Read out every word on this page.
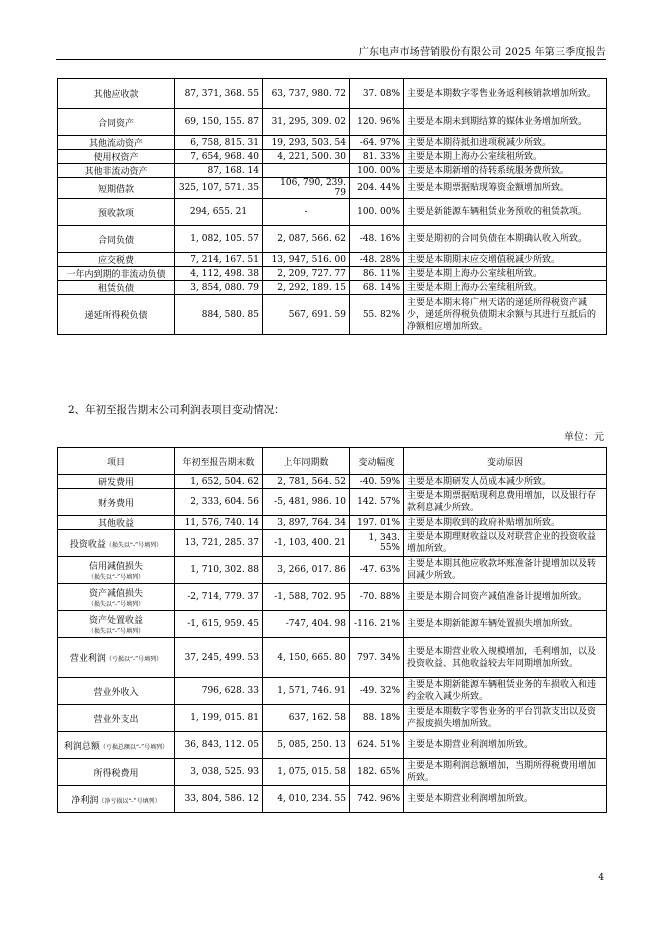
广东电声市场营销股份有限公司 2025 年第三季度报告
其他应收款	87, 371, 368. 55	63, 737, 980. 72	37. 08%	主要是本期数字零售业务返利核销款增加所致。
合同资产	69, 150, 155. 87	31, 295, 309. 02	120. 96%	主要是本期未到期结算的媒体业务增加所致。
其他流动资产	6, 758, 815. 31	19, 293, 503. 54	-64. 97%	主要是本期待抵扣进项税减少所致。
使用权资产	7, 654, 968. 40	4, 221, 500. 30	81. 33%	主要是本期上海办公室续租所致。
其他非流动资产	87, 168. 14		100. 00%	主要是本期新增的待转系统服务费所致。
短期借款	325, 107, 571. 35	106, 790, 239. 79	204. 44%	主要是本期票据贴现筹资金额增加所致。
预收款项	294, 655. 21	-	100. 00%	主要是新能源车辆租赁业务预收的租赁款项。
合同负债	1, 082, 105. 57	2, 087, 566. 62	-48. 16%	主要是期初的合同负债在本期确认收入所致。
应交税费	7, 214, 167. 51	13, 947, 516. 00	-48. 28%	主要是本期期末应交增值税减少所致。
一年内到期的非流动负债	4, 112, 498. 38	2, 209, 727. 77	86. 11%	主要是本期上海办公室续租所致。
租赁负债	3, 854, 080. 79	2, 292, 189. 15	68. 14%	主要是本期上海办公室续租所致。
递延所得税负债	884, 580. 85	567, 691. 59	55. 82%	主要是本期末将广州天诺的递延所得税资产减少，递延所得税负债期末余额与其进行互抵后的净额相应增加所致。
2、年初至报告期末公司利润表项目变动情况：
单位：元
项目	年初至报告期末数	上年同期数	变动幅度	变动原因
研发费用	1, 652, 504. 62	2, 781, 564. 52	-40. 59%	主要是本期研发人员成本减少所致。
财务费用	2, 333, 604. 56	-5, 481, 986. 10	142. 57%	主要是本期票据贴现利息费用增加，以及银行存款利息减少所致。
其他收益	11, 576, 740. 14	3, 897, 764. 34	197. 01%	主要是本期收到的政府补贴增加所致。
投资收益（损失以“-”号填列）	13, 721, 285. 37	-1, 103, 400. 21	1, 343. 55%	主要是本期理财收益以及对联营企业的投资收益增加所致。
信用减值损失（损失以“-”号填列）	1, 710, 302. 88	3, 266, 017. 86	-47. 63%	主要是本期其他应收款坏账准备计提增加以及转回减少所致。
资产减值损失（损失以“-”号填列）	-2, 714, 779. 37	-1, 588, 702. 95	-70. 88%	主要是本期合同资产减值准备计提增加所致。
资产处置收益（损失以“-”号填列）	-1, 615, 959. 45	-747, 404. 98	-116. 21%	主要是本期新能源车辆处置损失增加所致。
营业利润（亏损以“-”号填列）	37, 245, 499. 53	4, 150, 665. 80	797. 34%	主要是本期营业收入规模增加，毛利增加，以及投资收益、其他收益较去年同期增加所致。
营业外收入	796, 628. 33	1, 571, 746. 91	-49. 32%	主要是本期新能源车辆租赁业务的车损收入和违约金收入减少所致。
营业外支出	1, 199, 015. 81	637, 162. 58	88. 18%	主要是本期数字零售业务的平台罚款支出以及资产报废损失增加所致。
利润总额（亏损总额以“-”号填列）	36, 843, 112. 05	5, 085, 250. 13	624. 51%	主要是本期营业利润增加所致。
所得税费用	3, 038, 525. 93	1, 075, 015. 58	182. 65%	主要是本期利润总额增加，当期所得税费用增加所致。
净利润（净亏损以“-”号填列）	33, 804, 586. 12	4, 010, 234. 55	742. 96%	主要是本期营业利润增加所致。
4
